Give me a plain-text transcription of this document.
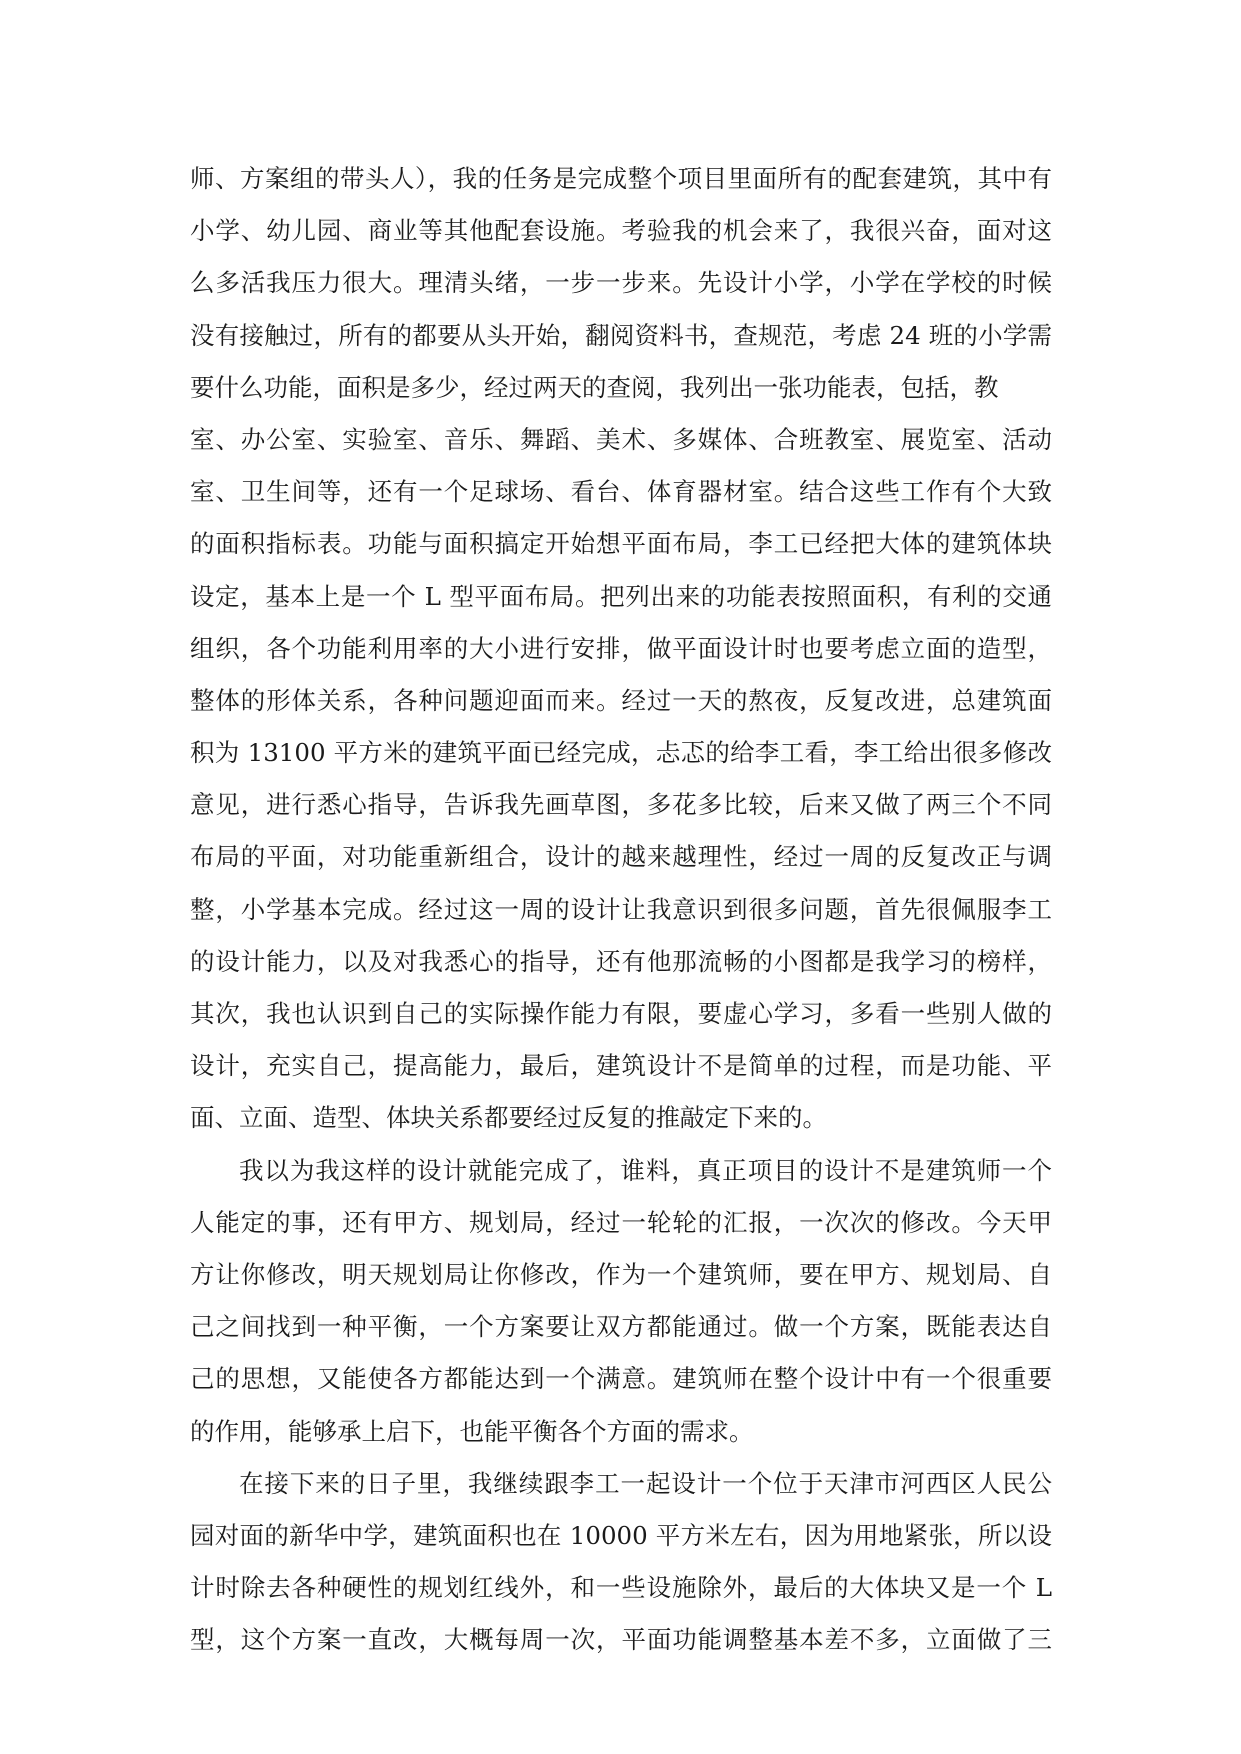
师、方案组的带头人），我的任务是完成整个项目里面所有的配套建筑，其中有
小学、幼儿园、商业等其他配套设施。考验我的机会来了，我很兴奋，面对这
么多活我压力很大。理清头绪，一步一步来。先设计小学，小学在学校的时候
没有接触过，所有的都要从头开始，翻阅资料书，查规范，考虑 24 班的小学需
要什么功能，面积是多少，经过两天的查阅，我列出一张功能表，包括，教
室、办公室、实验室、音乐、舞蹈、美术、多媒体、合班教室、展览室、活动
室、卫生间等，还有一个足球场、看台、体育器材室。结合这些工作有个大致
的面积指标表。功能与面积搞定开始想平面布局，李工已经把大体的建筑体块
设定，基本上是一个 L 型平面布局。把列出来的功能表按照面积，有利的交通
组织，各个功能利用率的大小进行安排，做平面设计时也要考虑立面的造型，
整体的形体关系，各种问题迎面而来。经过一天的熬夜，反复改进，总建筑面
积为 13100 平方米的建筑平面已经完成，忐忑的给李工看，李工给出很多修改
意见，进行悉心指导，告诉我先画草图，多花多比较，后来又做了两三个不同
布局的平面，对功能重新组合，设计的越来越理性，经过一周的反复改正与调
整，小学基本完成。经过这一周的设计让我意识到很多问题，首先很佩服李工
的设计能力，以及对我悉心的指导，还有他那流畅的小图都是我学习的榜样，
其次，我也认识到自己的实际操作能力有限，要虚心学习，多看一些别人做的
设计，充实自己，提高能力，最后，建筑设计不是简单的过程，而是功能、平
面、立面、造型、体块关系都要经过反复的推敲定下来的。
我以为我这样的设计就能完成了，谁料，真正项目的设计不是建筑师一个
人能定的事，还有甲方、规划局，经过一轮轮的汇报，一次次的修改。今天甲
方让你修改，明天规划局让你修改，作为一个建筑师，要在甲方、规划局、自
己之间找到一种平衡，一个方案要让双方都能通过。做一个方案，既能表达自
己的思想，又能使各方都能达到一个满意。建筑师在整个设计中有一个很重要
的作用，能够承上启下，也能平衡各个方面的需求。
在接下来的日子里，我继续跟李工一起设计一个位于天津市河西区人民公
园对面的新华中学，建筑面积也在 10000 平方米左右，因为用地紧张，所以设
计时除去各种硬性的规划红线外，和一些设施除外，最后的大体块又是一个 L
型，这个方案一直改，大概每周一次，平面功能调整基本差不多，立面做了三
